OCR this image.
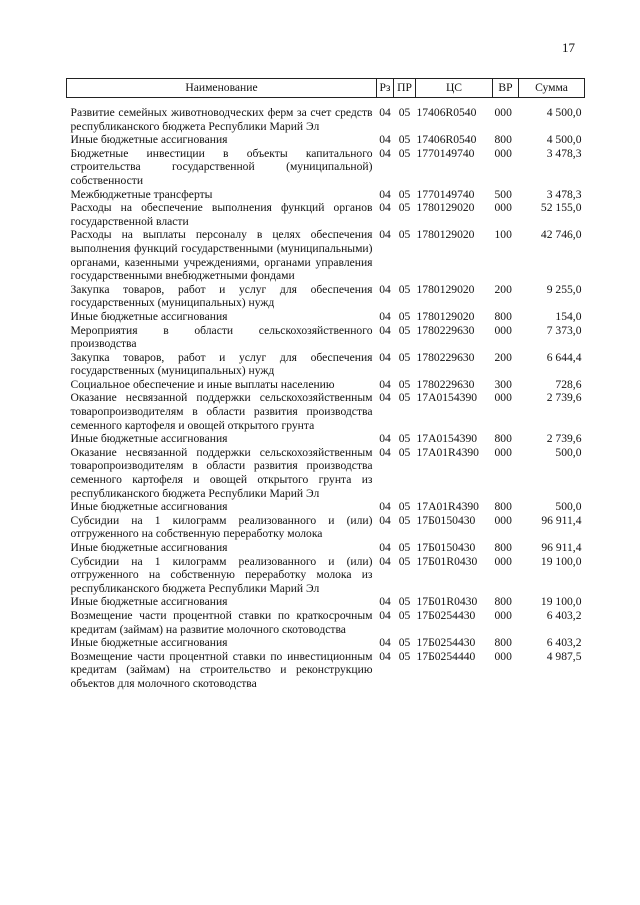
17
Наименование	Рз	ПР	ЦС	ВР	Сумма

Развитие семейных животноводческих ферм за счет средств республиканского бюджета Республики Марий Эл	04	05	17406R0540	000	4 500,0
Иные бюджетные ассигнования	04	05	17406R0540	800	4 500,0
Бюджетные инвестиции в объекты капитального строительства государственной (муниципальной) собственности	04	05	1770149740	000	3 478,3
Межбюджетные трансферты	04	05	1770149740	500	3 478,3
Расходы на обеспечение выполнения функций органов государственной власти	04	05	1780129020	000	52 155,0
Расходы на выплаты персоналу в целях обеспечения выполнения функций государственными (муниципальными) органами, казенными учреждениями, органами управления государственными внебюджетными фондами	04	05	1780129020	100	42 746,0
Закупка товаров, работ и услуг для обеспечения государственных (муниципальных) нужд	04	05	1780129020	200	9 255,0
Иные бюджетные ассигнования	04	05	1780129020	800	154,0
Мероприятия в области сельскохозяйственного производства	04	05	1780229630	000	7 373,0
Закупка товаров, работ и услуг для обеспечения государственных (муниципальных) нужд	04	05	1780229630	200	6 644,4
Социальное обеспечение и иные выплаты населению	04	05	1780229630	300	728,6
Оказание несвязанной поддержки сельскохозяйственным товаропроизводителям в области развития производства семенного картофеля и овощей открытого грунта	04	05	17А0154390	000	2 739,6
Иные бюджетные ассигнования	04	05	17А0154390	800	2 739,6
Оказание несвязанной поддержки сельскохозяйственным товаропроизводителям в области развития производства семенного картофеля и овощей открытого грунта из республиканского бюджета Республики Марий Эл	04	05	17А01R4390	000	500,0
Иные бюджетные ассигнования	04	05	17А01R4390	800	500,0
Субсидии на 1 килограмм реализованного и (или) отгруженного на собственную переработку молока	04	05	17Б0150430	000	96 911,4
Иные бюджетные ассигнования	04	05	17Б0150430	800	96 911,4
Субсидии на 1 килограмм реализованного и (или) отгруженного на собственную переработку молока из республиканского бюджета Республики Марий Эл	04	05	17Б01R0430	000	19 100,0
Иные бюджетные ассигнования	04	05	17Б01R0430	800	19 100,0
Возмещение части процентной ставки по краткосрочным кредитам (займам) на развитие молочного скотоводства	04	05	17Б0254430	000	6 403,2
Иные бюджетные ассигнования	04	05	17Б0254430	800	6 403,2
Возмещение части процентной ставки по инвестиционным кредитам (займам) на строительство и реконструкцию объектов для молочного скотоводства	04	05	17Б0254440	000	4 987,5
